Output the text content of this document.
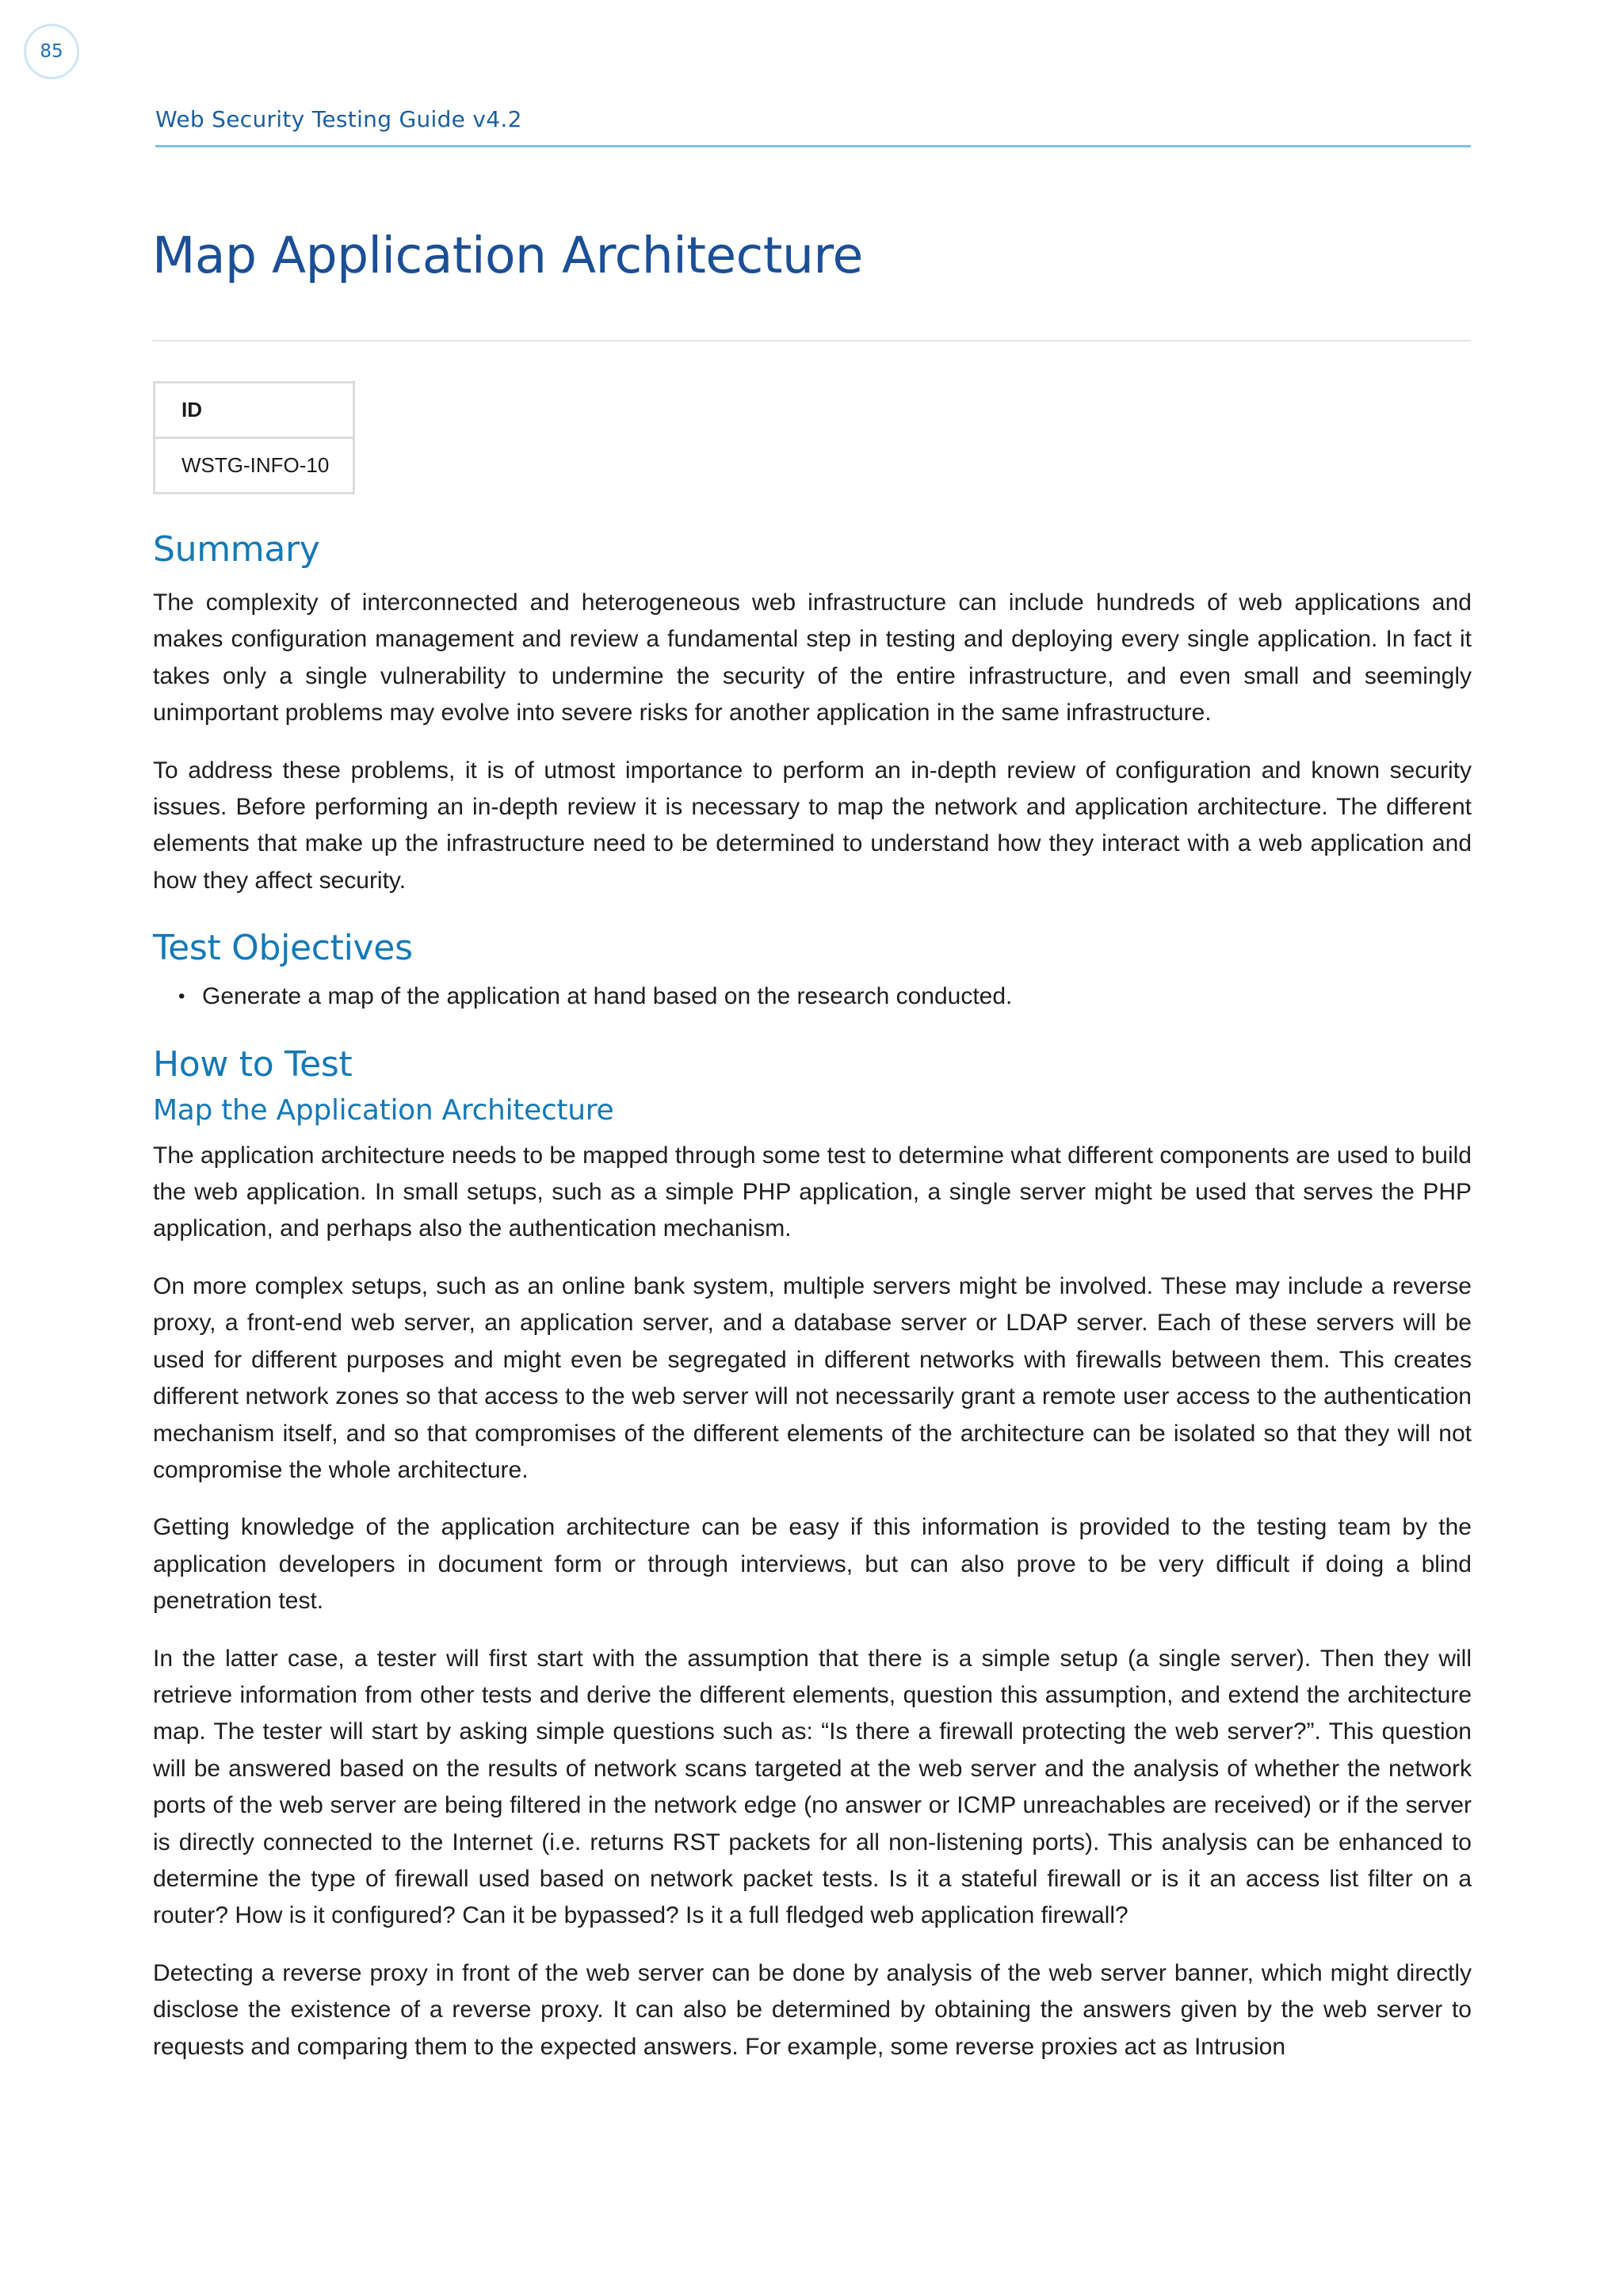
85
Web Security Testing Guide v4.2
Map Application Architecture
ID
WSTG-INFO-10
Summary

The complexity of interconnected and heterogeneous web infrastructure can include hundreds of web applications and makes configuration management and review a fundamental step in testing and deploying every single application. In fact it takes only a single vulnerability to undermine the security of the entire infrastructure, and even small and seemingly unimportant problems may evolve into severe risks for another application in the same infrastructure.

To address these problems, it is of utmost importance to perform an in-depth review of configuration and known security issues. Before performing an in-depth review it is necessary to map the network and application architecture. The different elements that make up the infrastructure need to be determined to understand how they interact with a web application and how they affect security.

Test Objectives
• Generate a map of the application at hand based on the research conducted.
How to Test
Map the Application Architecture

The application architecture needs to be mapped through some test to determine what different components are used to build the web application. In small setups, such as a simple PHP application, a single server might be used that serves the PHP application, and perhaps also the authentication mechanism.

On more complex setups, such as an online bank system, multiple servers might be involved. These may include a reverse proxy, a front-end web server, an application server, and a database server or LDAP server. Each of these servers will be used for different purposes and might even be segregated in different networks with firewalls between them. This creates different network zones so that access to the web server will not necessarily grant a remote user access to the authentication mechanism itself, and so that compromises of the different elements of the architecture can be isolated so that they will not compromise the whole architecture.

Getting knowledge of the application architecture can be easy if this information is provided to the testing team by the application developers in document form or through interviews, but can also prove to be very difficult if doing a blind penetration test.

In the latter case, a tester will first start with the assumption that there is a simple setup (a single server). Then they will retrieve information from other tests and derive the different elements, question this assumption, and extend the architecture map. The tester will start by asking simple questions such as: “Is there a firewall protecting the web server?”. This question will be answered based on the results of network scans targeted at the web server and the analysis of whether the network ports of the web server are being filtered in the network edge (no answer or ICMP unreachables are received) or if the server is directly connected to the Internet (i.e. returns RST packets for all non-listening ports). This analysis can be enhanced to determine the type of firewall used based on network packet tests. Is it a stateful firewall or is it an access list filter on a router? How is it configured? Can it be bypassed? Is it a full fledged web application firewall?

Detecting a reverse proxy in front of the web server can be done by analysis of the web server banner, which might directly disclose the existence of a reverse proxy. It can also be determined by obtaining the answers given by the web server to requests and comparing them to the expected answers. For example, some reverse proxies act as Intrusion
